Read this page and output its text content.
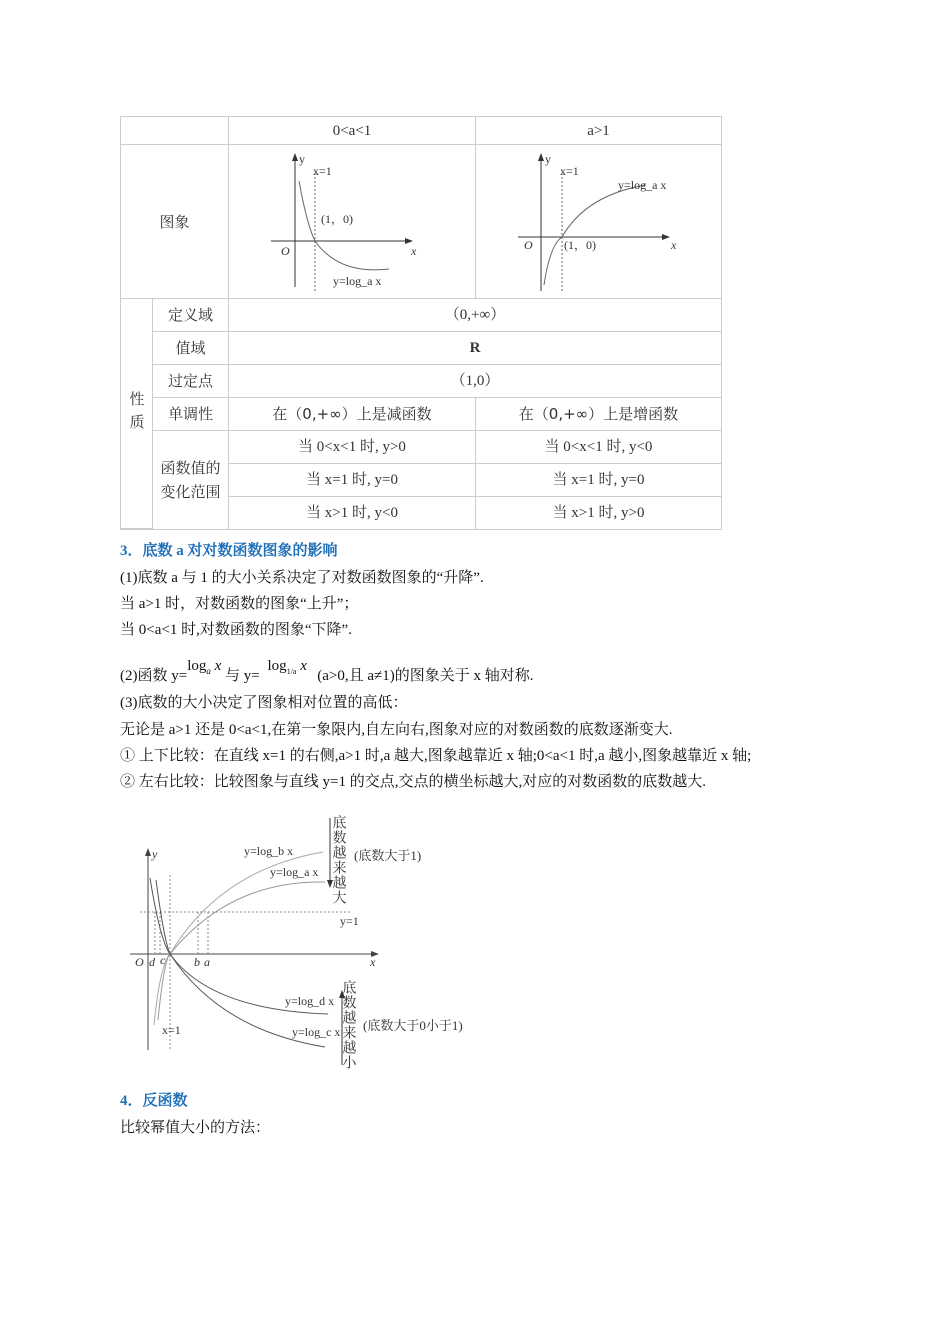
0<a<1	a>1
图象
y
x=1
(1，0)
O	x
y=log_a x
y
x=1
y=log_a x
O	(1，0)	x
性质
定义域	（0,+∞）
值域	R
过定点	（1,0）
单调性	在（0,+∞）上是减函数	在（0,+∞）上是增函数
函数值的变化范围
当 0<x<1 时, y>0	当 0<x<1 时, y<0
当 x=1 时, y=0	当 x=1 时, y=0
当 x>1 时, y<0	当 x>1 时, y>0
3．底数 a 对对数函数图象的影响
(1)底数 a 与 1 的大小关系决定了对数函数图象的“升降”.
当 a>1 时，对数函数的图象“上升”；
当 0<a<1 时,对数函数的图象“下降”.
(2)函数 $y=\log_a$ x 与 y=
$\log_{1/a} x$
(a>0,且 a≠1)的图象关于 x 轴对称.
(3)底数的大小决定了图象相对位置的高低：
无论是 a>1 还是 0<a<1,在第一象限内,自左向右,图象对应的对数函数的底数逐渐变大.
① 上下比较：在直线 x=1 的右侧,a>1 时,a 越大,图象越靠近 x 轴;0<a<1 时,a 越小,图象越靠近 x 轴;
② 左右比较：比较图象与直线 y=1 的交点,交点的横坐标越大,对应的对数函数的底数越大.
y=log_b x
y=log_a x
y=1
O d c b a	x
y
y=log_d x
y=log_c x
x=1
底数越来越大 (底数大于1)
底数越来越小 (底数大于0小于1)
4．反函数
比较幂值大小的方法：
